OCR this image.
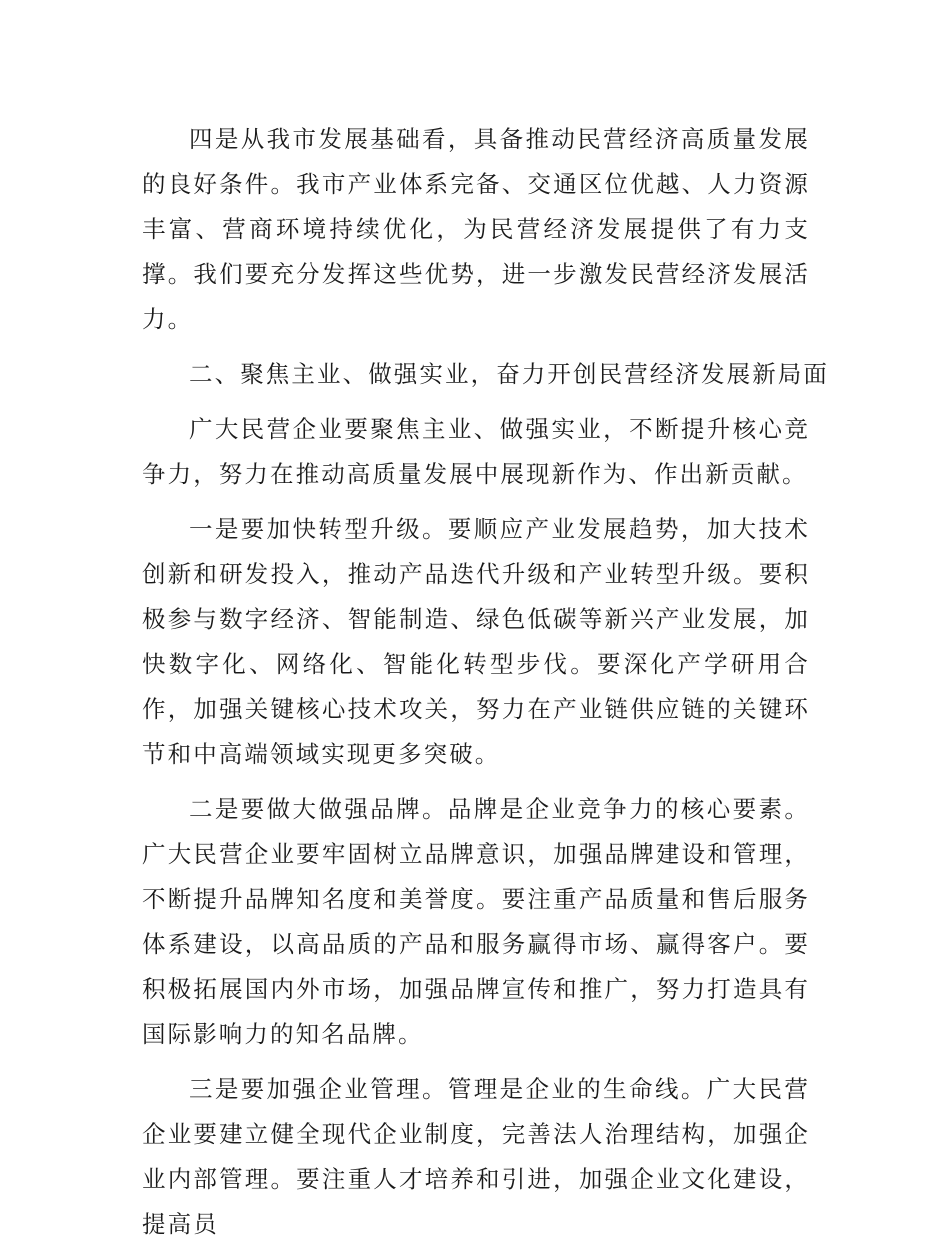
四是从我市发展基础看，具备推动民营经济高质量发展的良好条件。我市产业体系完备、交通区位优越、人力资源丰富、营商环境持续优化，为民营经济发展提供了有力支撑。我们要充分发挥这些优势，进一步激发民营经济发展活力。

二、聚焦主业、做强实业，奋力开创民营经济发展新局面

广大民营企业要聚焦主业、做强实业，不断提升核心竞争力，努力在推动高质量发展中展现新作为、作出新贡献。

一是要加快转型升级。要顺应产业发展趋势，加大技术创新和研发投入，推动产品迭代升级和产业转型升级。要积极参与数字经济、智能制造、绿色低碳等新兴产业发展，加快数字化、网络化、智能化转型步伐。要深化产学研用合作，加强关键核心技术攻关，努力在产业链供应链的关键环节和中高端领域实现更多突破。

二是要做大做强品牌。品牌是企业竞争力的核心要素。广大民营企业要牢固树立品牌意识，加强品牌建设和管理，不断提升品牌知名度和美誉度。要注重产品质量和售后服务体系建设，以高品质的产品和服务赢得市场、赢得客户。要积极拓展国内外市场，加强品牌宣传和推广，努力打造具有国际影响力的知名品牌。

三是要加强企业管理。管理是企业的生命线。广大民营企业要建立健全现代企业制度，完善法人治理结构，加强企业内部管理。要注重人才培养和引进，加强企业文化建设，提高员
